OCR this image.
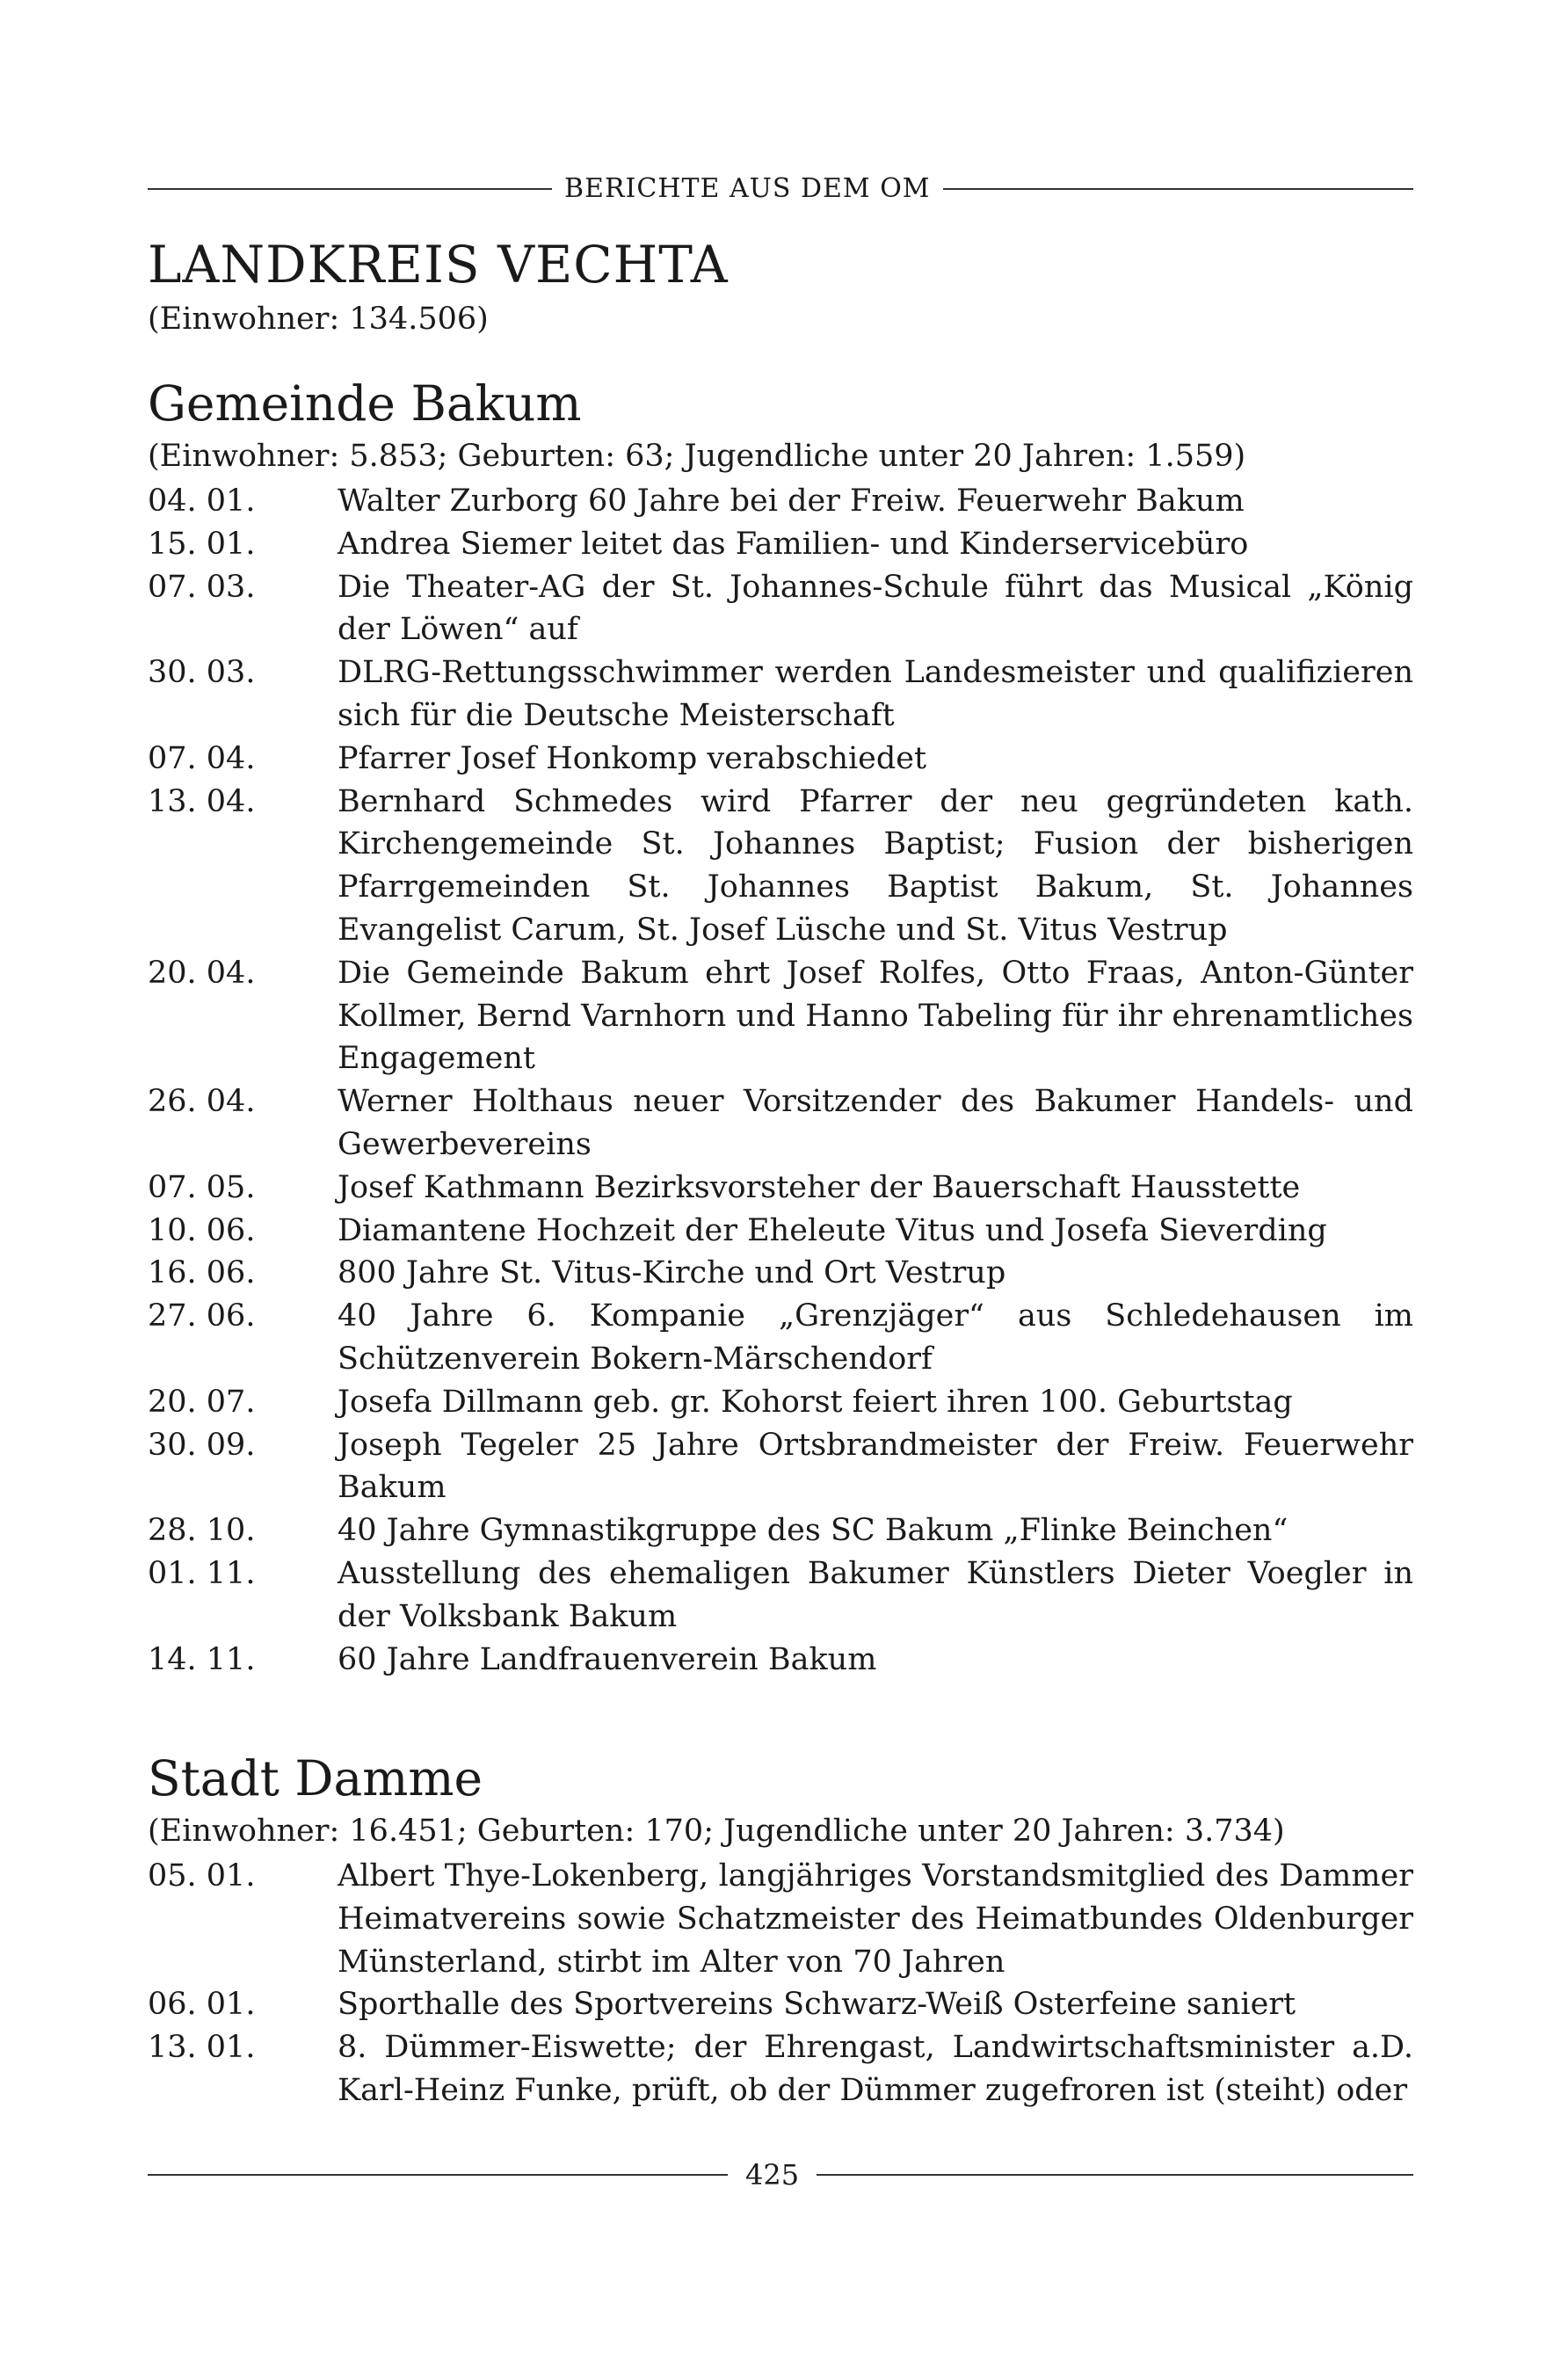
BERICHTE AUS DEM OM
LANDKREIS VECHTA
(Einwohner: 134.506)
Gemeinde Bakum
(Einwohner: 5.853; Geburten: 63; Jugendliche unter 20 Jahren: 1.559)
04. 01.	Walter Zurborg 60 Jahre bei der Freiw. Feuerwehr Bakum
15. 01.	Andrea Siemer leitet das Familien- und Kinderservicebüro
07. 03.	Die Theater-AG der St. Johannes-Schule führt das Musical „König der Löwen“ auf
30. 03.	DLRG-Rettungsschwimmer werden Landesmeister und qualifizieren sich für die Deutsche Meisterschaft
07. 04.	Pfarrer Josef Honkomp verabschiedet
13. 04.	Bernhard Schmedes wird Pfarrer der neu gegründeten kath. Kirchengemeinde St. Johannes Baptist; Fusion der bisherigen Pfarrgemeinden St. Johannes Baptist Bakum, St. Johannes Evangelist Carum, St. Josef Lüsche und St. Vitus Vestrup
20. 04.	Die Gemeinde Bakum ehrt Josef Rolfes, Otto Fraas, Anton-Günter Kollmer, Bernd Varnhorn und Hanno Tabeling für ihr ehrenamtliches Engagement
26. 04.	Werner Holthaus neuer Vorsitzender des Bakumer Handels- und Gewerbevereins
07. 05.	Josef Kathmann Bezirksvorsteher der Bauerschaft Hausstette
10. 06.	Diamantene Hochzeit der Eheleute Vitus und Josefa Sieverding
16. 06.	800 Jahre St. Vitus-Kirche und Ort Vestrup
27. 06.	40 Jahre 6. Kompanie „Grenzjäger“ aus Schledehausen im Schützenverein Bokern-Märschendorf
20. 07.	Josefa Dillmann geb. gr. Kohorst feiert ihren 100. Geburtstag
30. 09.	Joseph Tegeler 25 Jahre Ortsbrandmeister der Freiw. Feuerwehr Bakum
28. 10.	40 Jahre Gymnastikgruppe des SC Bakum „Flinke Beinchen“
01. 11.	Ausstellung des ehemaligen Bakumer Künstlers Dieter Voegler in der Volksbank Bakum
14. 11.	60 Jahre Landfrauenverein Bakum
Stadt Damme
(Einwohner: 16.451; Geburten: 170; Jugendliche unter 20 Jahren: 3.734)
05. 01.	Albert Thye-Lokenberg, langjähriges Vorstandsmitglied des Dammer Heimatvereins sowie Schatzmeister des Heimatbundes Oldenburger Münsterland, stirbt im Alter von 70 Jahren
06. 01.	Sporthalle des Sportvereins Schwarz-Weiß Osterfeine saniert
13. 01.	8. Dümmer-Eiswette; der Ehrengast, Landwirtschaftsminister a.D. Karl-Heinz Funke, prüft, ob der Dümmer zugefroren ist (steiht) oder
425
